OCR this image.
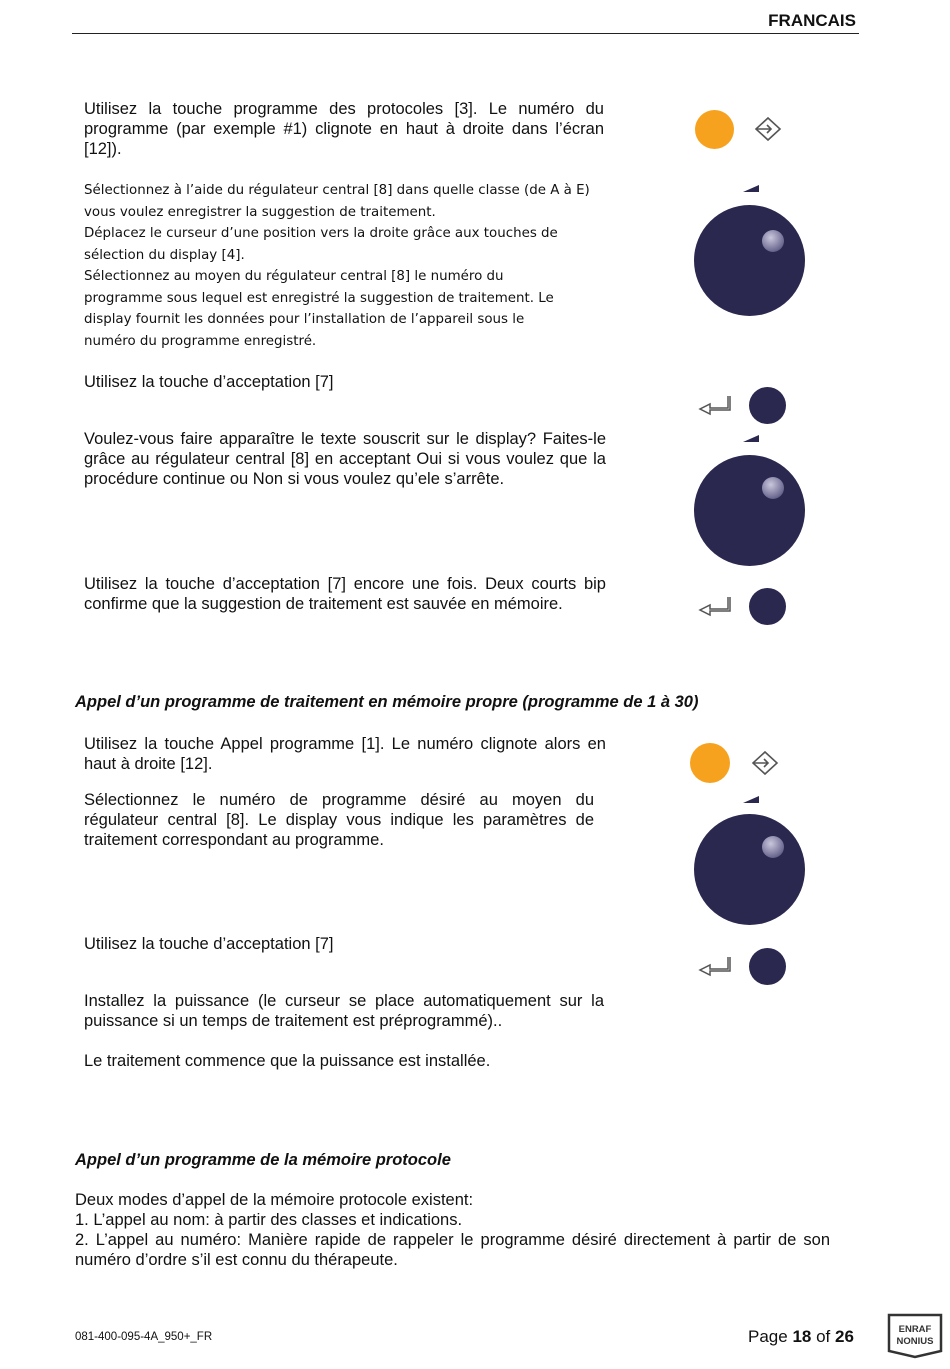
FRANCAIS
Utilisez la touche programme des protocoles [3]. Le numéro du programme (par exemple #1) clignote en haut à droite dans l’écran [12]).
Sélectionnez à l’aide du régulateur central [8] dans quelle classe (de A à E) vous voulez enregistrer la suggestion de traitement.
Déplacez le curseur d’une position vers la droite grâce aux touches de sélection du display [4].
Sélectionnez au moyen du régulateur central [8] le numéro du programme sous lequel est enregistré la suggestion de traitement. Le display fournit les données pour l’installation de l’appareil sous le numéro du programme enregistré.
Utilisez la touche d’acceptation [7]
Voulez-vous faire apparaître le texte souscrit sur le display? Faites-le grâce au régulateur central [8] en acceptant Oui si vous voulez que la procédure continue ou Non si vous voulez qu’ele s’arrête.
Utilisez la touche d’acceptation [7] encore une fois. Deux courts bip confirme que la suggestion de traitement est sauvée en mémoire.
Appel d’un programme de traitement en mémoire propre (programme de 1 à 30)
Utilisez la touche Appel programme [1]. Le numéro clignote alors en haut à droite [12].
Sélectionnez le numéro de programme désiré au moyen du régulateur central [8]. Le display vous indique les paramètres de traitement correspondant au programme.
Utilisez la touche d’acceptation [7]
Installez la puissance (le curseur se place automatiquement sur la puissance si un temps de traitement est préprogrammé)..
Le traitement commence que la puissance est installée.
Appel d’un programme de la mémoire protocole
Deux modes d’appel de la mémoire protocole existent:
1. L’appel au nom: à partir des classes et indications.
2. L’appel au numéro: Manière rapide de rappeler le programme désiré directement à partir de son numéro d’ordre s’il est connu du thérapeute.
081-400-095-4A_950+_FR	Page 18 of 26	ENRAF
NONIUS
